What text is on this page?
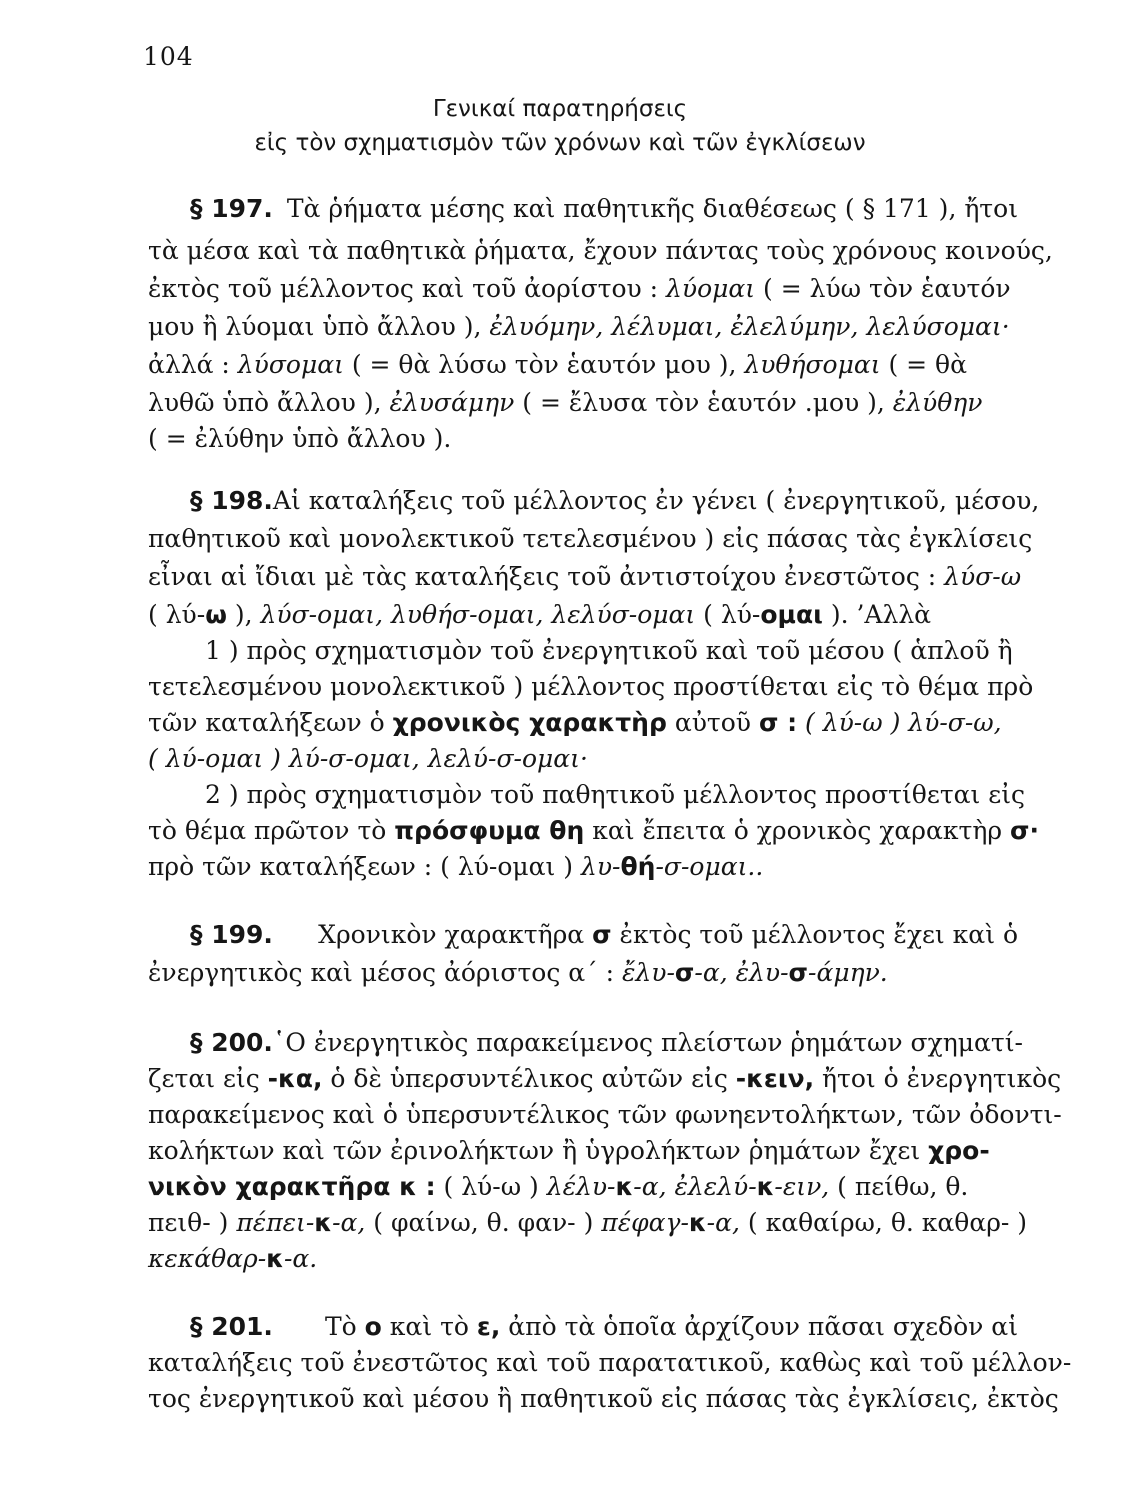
104

Γενικαί παρατηρήσεις

εἰς τὸν σχηματισμὸν τῶν χρόνων καὶ τῶν ἐγκλίσεων

§ 197. Τὰ ῥήματα μέσης καὶ παθητικῆς διαθέσεως ( § 171 ), ἤτοι
τὰ μέσα καὶ τὰ παθητικὰ ῥήματα, ἔχουν πάντας τοὺς χρόνους κοινούς,
ἐκτὸς τοῦ μέλλοντος καὶ τοῦ ἀορίστου : λύομαι ( = λύω τὸν ἑαυτόν
μου ἢ λύομαι ὑπὸ ἄλλου ), ἐλυόμην, λέλυμαι, ἐλελύμην, λελύσομαι·
ἀλλά : λύσομαι ( = θὰ λύσω τὸν ἑαυτόν μου ), λυθήσομαι ( = θὰ
λυθῶ ὑπὸ ἄλλου ), ἐλυσάμην ( = ἔλυσα τὸν ἑαυτόν .μου ), ἐλύθην
( = ἐλύθην ὑπὸ ἄλλου ).
§ 198. Αἱ καταλήξεις τοῦ μέλλοντος ἐν γένει ( ἐνεργητικοῦ, μέσου,
παθητικοῦ καὶ μονολεκτικοῦ τετελεσμένου ) εἰς πάσας τὰς ἐγκλίσεις
εἶναι αἱ ἴδιαι μὲ τὰς καταλήξεις τοῦ ἀντιστοίχου ἐνεστῶτος : λύσ-ω
( λύ-ω ), λύσ-ομαι, λυθήσ-ομαι, λελύσ-ομαι ( λύ-ομαι ). ’Αλλὰ
1 ) πρὸς σχηματισμὸν τοῦ ἐνεργητικοῦ καὶ τοῦ μέσου ( ἁπλοῦ ἢ
τετελεσμένου μονολεκτικοῦ ) μέλλοντος προστίθεται εἰς τὸ θέμα πρὸ
τῶν καταλήξεων ὁ χρονικὸς χαρακτὴρ αὐτοῦ σ : ( λύ-ω ) λύ-σ-ω,
( λύ-ομαι ) λύ-σ-ομαι, λελύ-σ-ομαι·
2 ) πρὸς σχηματισμὸν τοῦ παθητικοῦ μέλλοντος προστίθεται εἰς
τὸ θέμα πρῶτον τὸ πρόσφυμα θη καὶ ἔπειτα ὁ χρονικὸς χαρακτὴρ σ·
πρὸ τῶν καταλήξεων : ( λύ-ομαι ) λυ-θή-σ-ομαι..
§ 199. Χρονικὸν χαρακτῆρα σ ἐκτὸς τοῦ μέλλοντος ἔχει καὶ ὁ
ἐνεργητικὸς καὶ μέσος ἀόριστος α΄ : ἔλυ-σ-α, ἐλυ-σ-άμην.
§ 200. ῾Ο ἐνεργητικὸς παρακείμενος πλείστων ῥημάτων σχηματί-
ζεται εἰς -κα, ὁ δὲ ὑπερσυντέλικος αὐτῶν εἰς -κειν, ἤτοι ὁ ἐνεργητικὸς
παρακείμενος καὶ ὁ ὑπερσυντέλικος τῶν φωνηεντολήκτων, τῶν ὀδοντι-
κολήκτων καὶ τῶν ἐρινολήκτων ἢ ὑγρολήκτων ῥημάτων ἔχει χρο-
νικὸν χαρακτῆρα κ : ( λύ-ω ) λέλυ-κ-α, ἐλελύ-κ-ειν, ( πείθω, θ.
πειθ- ) πέπει-κ-α, ( φαίνω, θ. φαν- ) πέφαγ-κ-α, ( καθαίρω, θ. καθαρ- )
κεκάθαρ-κ-α.
§ 201. Τὸ ο καὶ τὸ ε, ἀπὸ τὰ ὁποῖα ἀρχίζουν πᾶσαι σχεδὸν αἱ
καταλήξεις τοῦ ἐνεστῶτος καὶ τοῦ παρατατικοῦ, καθὼς καὶ τοῦ μέλλον-
τος ἐνεργητικοῦ καὶ μέσου ἢ παθητικοῦ εἰς πάσας τὰς ἐγκλίσεις, ἐκτὸς
